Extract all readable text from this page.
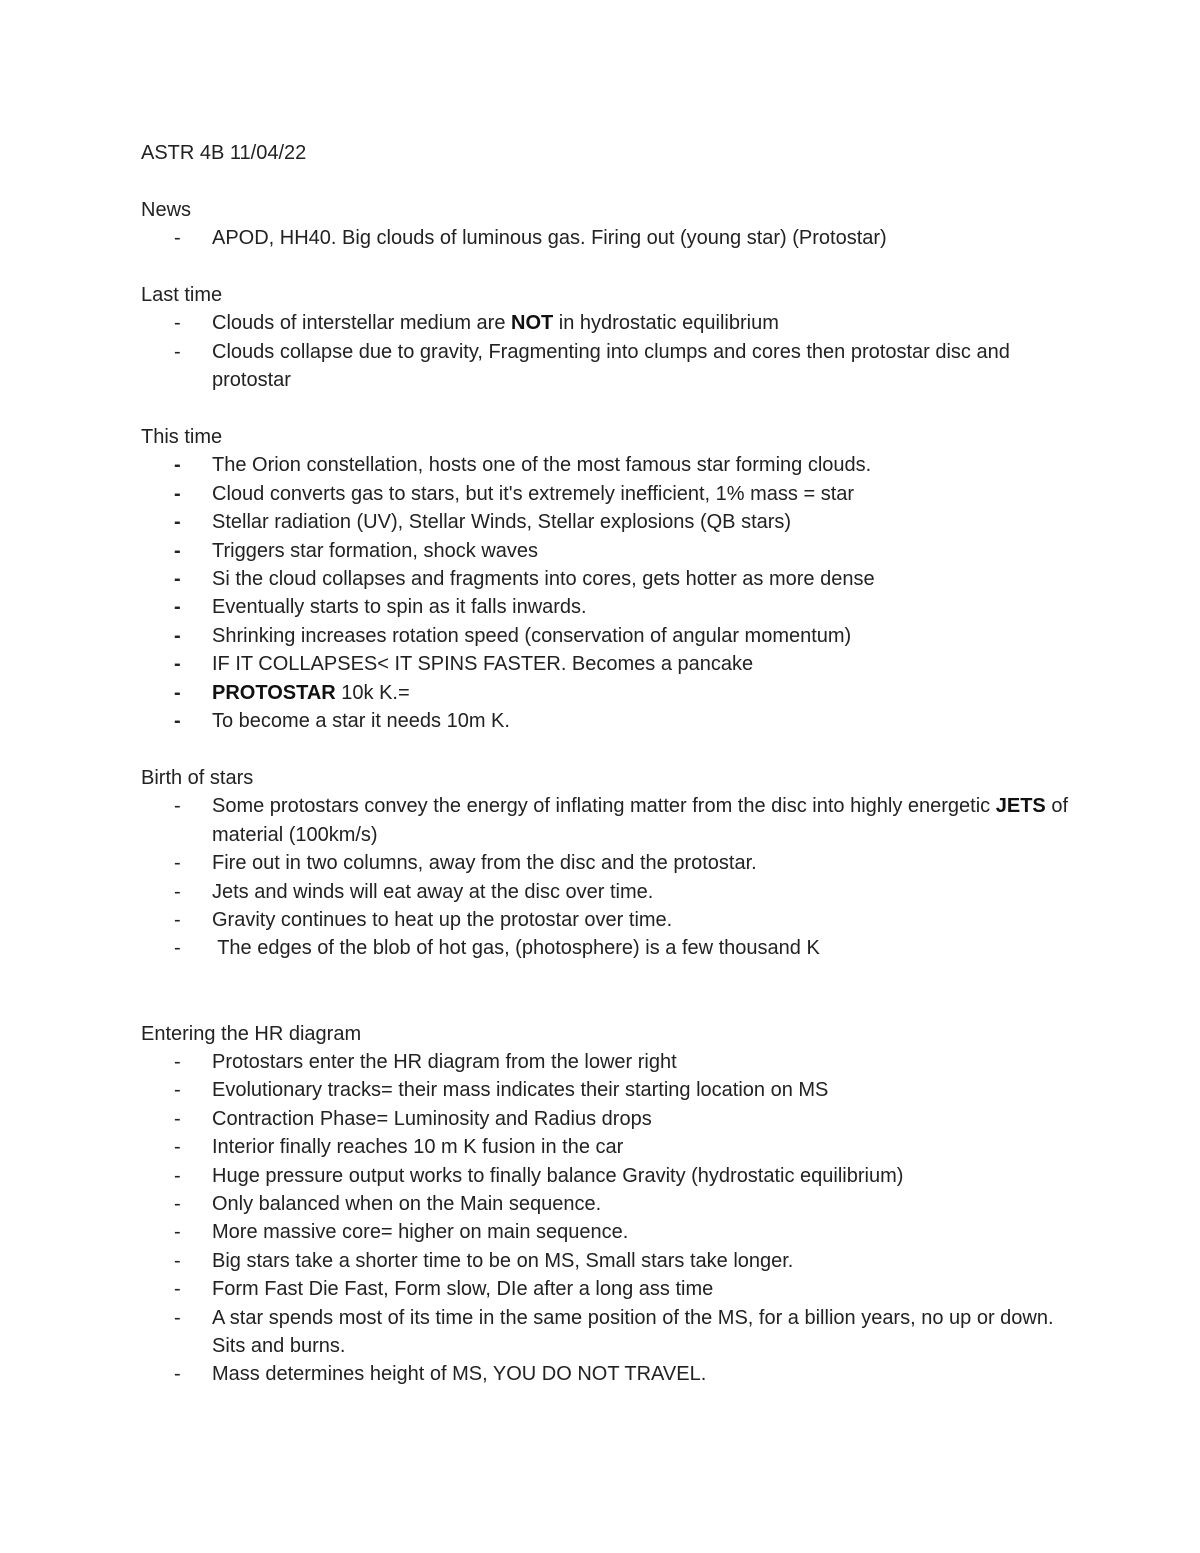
ASTR 4B 11/04/22

News

- APOD, HH40. Big clouds of luminous gas. Firing out (young star) (Protostar)

Last time

- Clouds of interstellar medium are NOT in hydrostatic equilibrium
- Clouds collapse due to gravity, Fragmenting into clumps and cores then protostar disc and protostar

This time

- The Orion constellation, hosts one of the most famous star forming clouds.
- Cloud converts gas to stars, but it's extremely inefficient, 1% mass = star
- Stellar radiation (UV), Stellar Winds, Stellar explosions (QB stars)
- Triggers star formation, shock waves
- Si the cloud collapses and fragments into cores, gets hotter as more dense
- Eventually starts to spin as it falls inwards.
- Shrinking increases rotation speed (conservation of angular momentum)
- IF IT COLLAPSES< IT SPINS FASTER. Becomes a pancake
- PROTOSTAR 10k K.=
- To become a star it needs 10m K.

Birth of stars

- Some protostars convey the energy of inflating matter from the disc into highly energetic JETS of material (100km/s)
- Fire out in two columns, away from the disc and the protostar.
- Jets and winds will eat away at the disc over time.
- Gravity continues to heat up the protostar over time.
- The edges of the blob of hot gas, (photosphere) is a few thousand K

Entering the HR diagram

- Protostars enter the HR diagram from the lower right
- Evolutionary tracks= their mass indicates their starting location on MS
- Contraction Phase= Luminosity and Radius drops
- Interior finally reaches 10 m K fusion in the car
- Huge pressure output works to finally balance Gravity (hydrostatic equilibrium)
- Only balanced when on the Main sequence.
- More massive core= higher on main sequence.
- Big stars take a shorter time to be on MS, Small stars take longer.
- Form Fast Die Fast, Form slow, DIe after a long ass time
- A star spends most of its time in the same position of the MS, for a billion years, no up or down. Sits and burns.
- Mass determines height of MS, YOU DO NOT TRAVEL.
